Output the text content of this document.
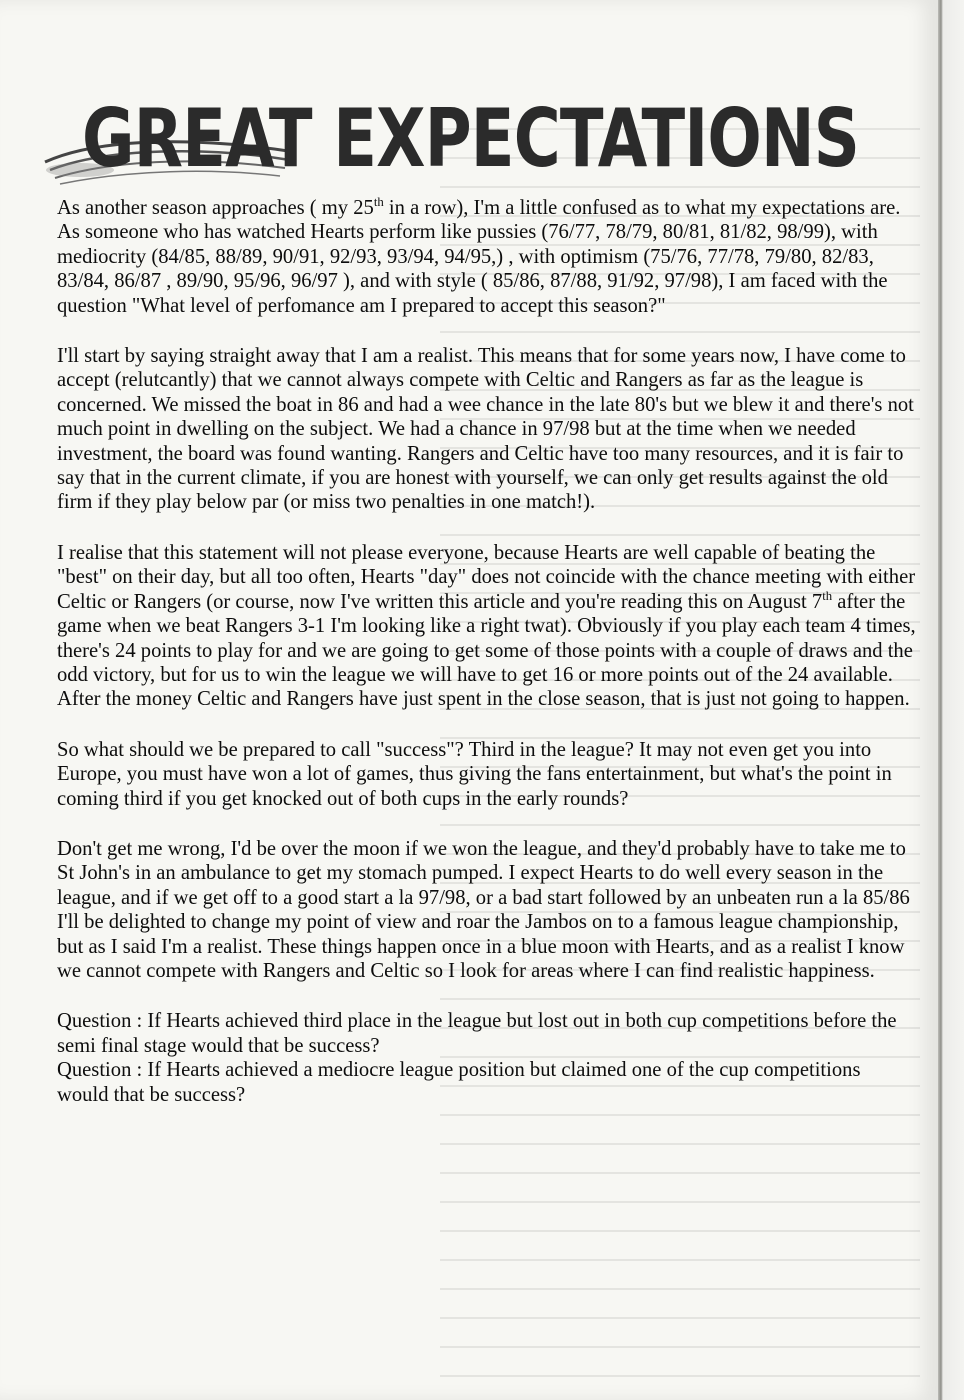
GREAT EXPECTATIONS

As another season approaches ( my 25th in a row), I'm a little confused as to what my expectations are. As someone who has watched Hearts perform like pussies (76/77, 78/79, 80/81, 81/82, 98/99), with mediocrity (84/85, 88/89, 90/91, 92/93, 93/94, 94/95,) , with optimism (75/76, 77/78, 79/80, 82/83, 83/84, 86/87 , 89/90, 95/96, 96/97 ), and with style ( 85/86, 87/88, 91/92, 97/98), I am faced with the question "What level of perfomance am I prepared to accept this season?"

I'll start by saying straight away that I am a realist. This means that for some years now, I have come to accept (relutcantly) that we cannot always compete with Celtic and Rangers as far as the league is concerned. We missed the boat in 86 and had a wee chance in the late 80's but we blew it and there's not much point in dwelling on the subject. We had a chance in 97/98 but at the time when we needed investment, the board was found wanting. Rangers and Celtic have too many resources, and it is fair to say that in the current climate, if you are honest with yourself, we can only get results against the old firm if they play below par (or miss two penalties in one match!).

I realise that this statement will not please everyone, because Hearts are well capable of beating the "best" on their day, but all too often, Hearts "day" does not coincide with the chance meeting with either Celtic or Rangers (or course, now I've written this article and you're reading this on August 7th after the game when we beat Rangers 3-1 I'm looking like a right twat). Obviously if you play each team 4 times, there's 24 points to play for and we are going to get some of those points with a couple of draws and the odd victory, but for us to win the league we will have to get 16 or more points out of the 24 available. After the money Celtic and Rangers have just spent in the close season, that is just not going to happen.

So what should we be prepared to call "success"? Third in the league? It may not even get you into Europe, you must have won a lot of games, thus giving the fans entertainment, but what's the point in coming third if you get knocked out of both cups in the early rounds?

Don't get me wrong, I'd be over the moon if we won the league, and they'd probably have to take me to St John's in an ambulance to get my stomach pumped. I expect Hearts to do well every season in the league, and if we get off to a good start a la 97/98, or a bad start followed by an unbeaten run a la 85/86 I'll be delighted to change my point of view and roar the Jambos on to a famous league championship, but as I said I'm a realist. These things happen once in a blue moon with Hearts, and as a realist I know we cannot compete with Rangers and Celtic so I look for areas where I can find realistic happiness.

Question : If Hearts achieved third place in the league but lost out in both cup competitions before the semi final stage would that be success?

Question : If Hearts achieved a mediocre league position but claimed one of the cup competitions would that be success?
